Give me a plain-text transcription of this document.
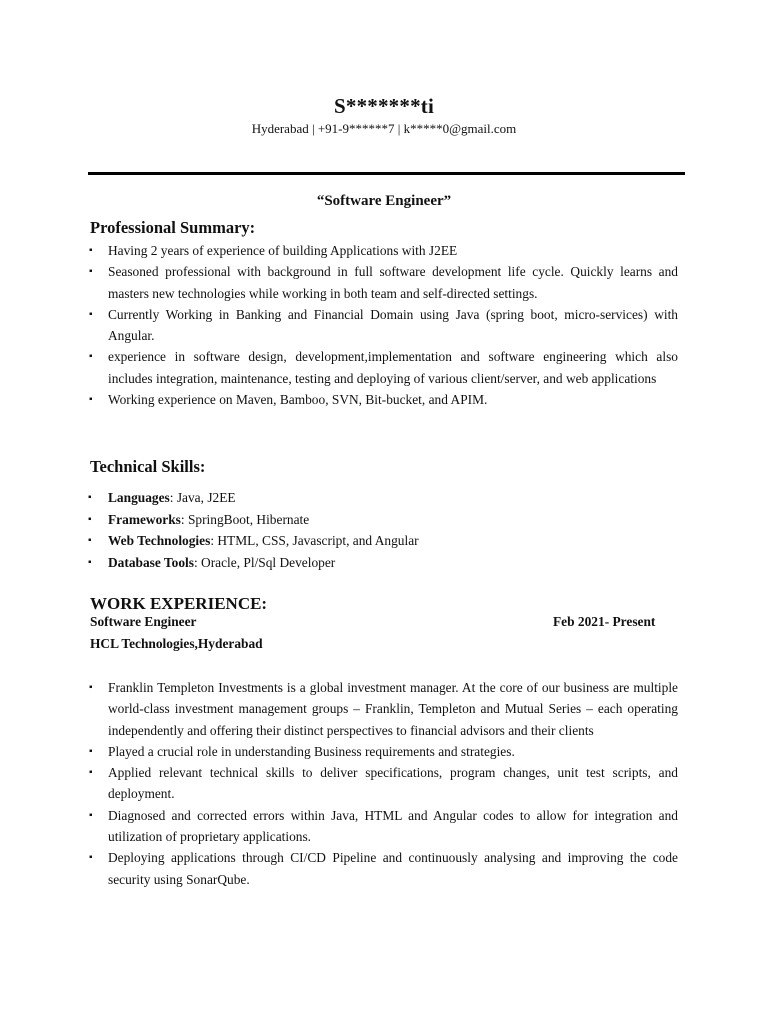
S*******ti
Hyderabad | +91-9******7 | k*****0@gmail.com
“Software Engineer”
Professional Summary:
▪ Having 2 years of experience of building Applications with J2EE
▪ Seasoned professional with background in full software development life cycle. Quickly learns and masters new technologies while working in both team and self-directed settings.
▪ Currently Working in Banking and Financial Domain using Java (spring boot, micro-services) with Angular.
▪ experience in software design, development,implementation and software engineering which also includes integration, maintenance, testing and deploying of various client/server, and web applications
▪ Working experience on Maven, Bamboo, SVN, Bit-bucket, and APIM.
Technical Skills:
▪ Languages: Java, J2EE
▪ Frameworks: SpringBoot, Hibernate
▪ Web Technologies: HTML, CSS, Javascript, and Angular
▪ Database Tools: Oracle, Pl/Sql Developer
WORK EXPERIENCE:
Software Engineer	Feb 2021- Present
HCL Technologies,Hyderabad
▪ Franklin Templeton Investments is a global investment manager. At the core of our business are multiple world-class investment management groups – Franklin, Templeton and Mutual Series – each operating independently and offering their distinct perspectives to financial advisors and their clients
▪ Played a crucial role in understanding Business requirements and strategies.
▪ Applied relevant technical skills to deliver specifications, program changes, unit test scripts, and deployment.
▪ Diagnosed and corrected errors within Java, HTML and Angular codes to allow for integration and utilization of proprietary applications.
▪ Deploying applications through CI/CD Pipeline and continuously analysing and improving the code security using SonarQube.
